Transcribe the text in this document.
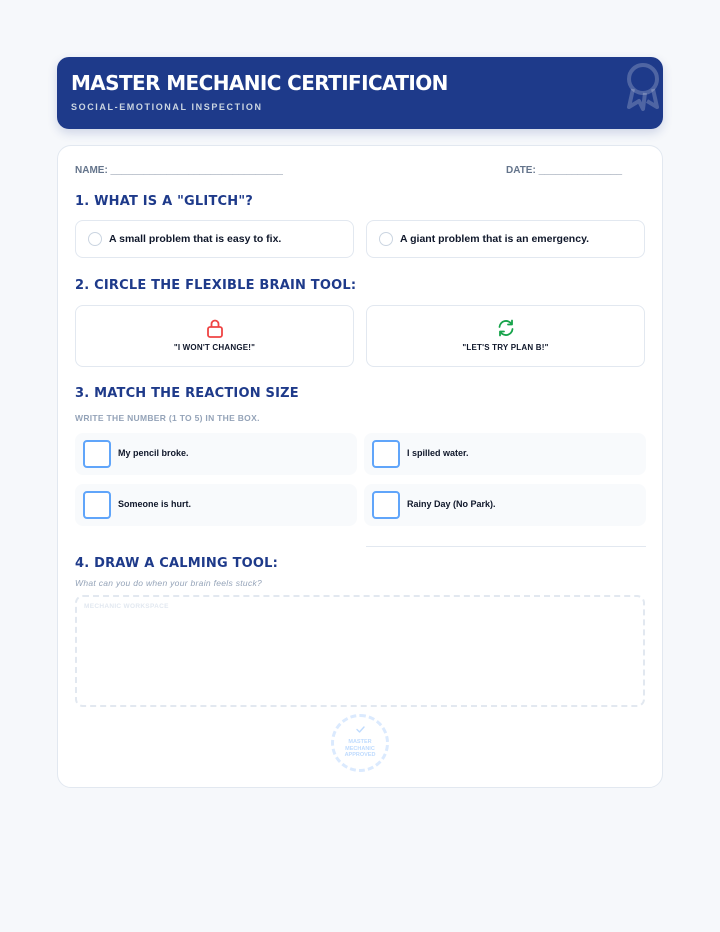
MASTER MECHANIC CERTIFICATION
SOCIAL-EMOTIONAL INSPECTION
NAME: _______________________________	DATE: _______________
1. WHAT IS A "GLITCH"?
A small problem that is easy to fix.	A giant problem that is an emergency.
2. CIRCLE THE FLEXIBLE BRAIN TOOL:
"I WON'T CHANGE!"	"LET'S TRY PLAN B!"
3. MATCH THE REACTION SIZE
WRITE THE NUMBER (1 TO 5) IN THE BOX.
My pencil broke.	I spilled water.
Someone is hurt.	Rainy Day (No Park).
4. DRAW A CALMING TOOL:
What can you do when your brain feels stuck?
MECHANIC WORKSPACE
MASTER
MECHANIC
APPROVED
